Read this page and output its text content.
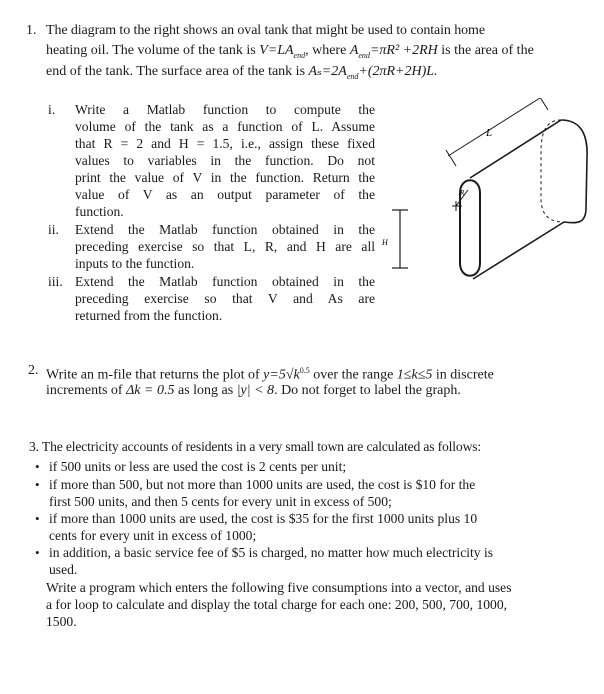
1. The diagram to the right shows an oval tank that might be used to contain home
heating oil. The volume of the tank is $V=LA_{end}$, where $A_{end}=\pi R^2 +2RH$ is the area of the
end of the tank. The surface area of the tank is $A_s=2A_{end}+(2\pi R+2H)L$.
i. Write a Matlab function to compute the
volume of the tank as a function of L. Assume
that R = 2 and H = 1.5, i.e., assign these fixed
values to variables in the function. Do not
print the value of V in the function. Return the
value of V as an output parameter of the
function.
ii. Extend the Matlab function obtained in the
preceding exercise so that L, R, and H are all
inputs to the function.
iii. Extend the Matlab function obtained in the
preceding exercise so that V and As are
returned from the function.
L
R
H
2. Write an m-file that returns the plot of $y=5√k^{0.5}$ over the range 1≤k≤5 in discrete
increments of Δk = 0.5 as long as |y| < 8. Do not forget to label the graph.
3. The electricity accounts of residents in a very small town are calculated as follows:
• if 500 units or less are used the cost is 2 cents per unit;
• if more than 500, but not more than 1000 units are used, the cost is $10 for the
first 500 units, and then 5 cents for every unit in excess of 500;
• if more than 1000 units are used, the cost is $35 for the first 1000 units plus 10
cents for every unit in excess of 1000;
• in addition, a basic service fee of $5 is charged, no matter how much electricity is
used.
Write a program which enters the following five consumptions into a vector, and uses
a for loop to calculate and display the total charge for each one: 200, 500, 700, 1000,
1500.
